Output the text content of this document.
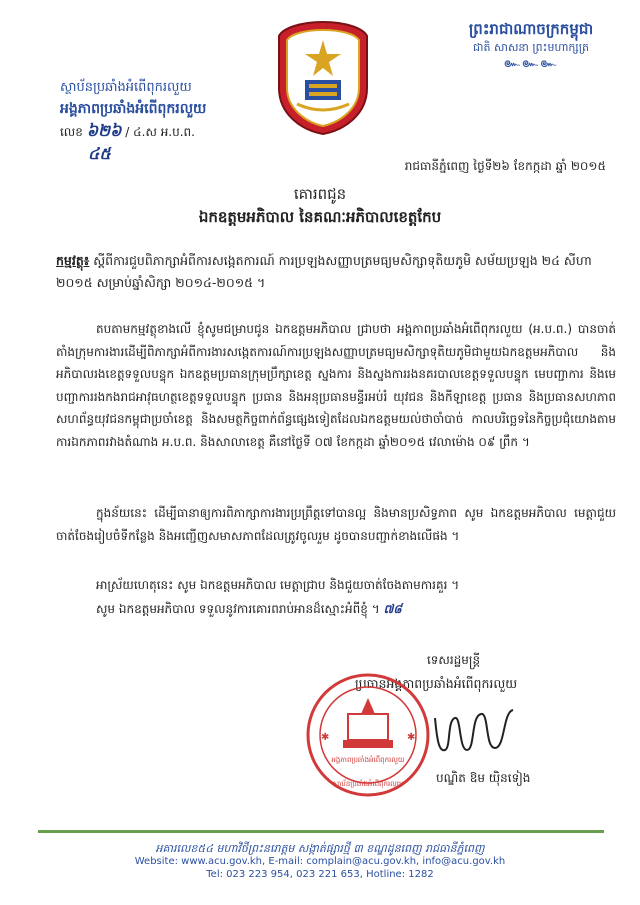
ព្រះរាជាណាចក្រកម្ពុជា
ជាតិ សាសនា ព្រះមហាក្សត្រ
๛๛๛
ស្ថាប័នប្រឆាំងអំពើពុករលួយ
អង្គភាពប្រឆាំងអំពើពុករលួយ
លេខ ៦២៦ / ៤.ស អ.ប.ព.
៤៥
រាជធានីភ្នំពេញ ថ្ងៃទី២៦ ខែកក្កដា ឆ្នាំ ២០១៥
គោរពជូន
ឯកឧត្តមអភិបាល នៃគណៈអភិបាលខេត្តកែប
កម្មវត្ថុ៖ ស្តីពីការជួបពិភាក្សាអំពីការសង្កេតការណ៍ ការប្រឡងសញ្ញាបត្រមធ្យមសិក្សាទុតិយភូមិ សម័យប្រឡង ២៤ សីហា ២០១៥ សម្រាប់ឆ្នាំសិក្សា ២០១៤-២០១៥ ។
តបតាមកម្មវត្ថុខាងលើ ខ្ញុំសូមជម្រាបជូន ឯកឧត្តមអភិបាល ជ្រាបថា អង្គភាពប្រឆាំងអំពើពុករលួយ (អ.ប.ព.) បានចាត់តាំងក្រុមការងារដើម្បីពិភាក្សាអំពីការងារសង្កេតការណ៍ការប្រឡងសញ្ញាបត្រមធ្យមសិក្សាទុតិយភូមិជាមួយឯកឧត្តមអភិបាល និងអភិបាលរងខេត្តទទួលបន្ទុក ឯកឧត្តមប្រធានក្រុមប្រឹក្សាខេត្ត ស្នងការ និងស្នងការរងនគរបាលខេត្តទទួលបន្ទុក មេបញ្ជាការ និងមេបញ្ជាការរងកងរាជអាវុធហត្ថខេត្តទទួលបន្ទុក ប្រធាន និងអនុប្រធានមន្ទីរអប់រំ យុវជន និងកីឡាខេត្ត ប្រធាន និងប្រធានសហភាពសហព័ន្ធយុវជនកម្ពុជាប្រចាំខេត្ត និងសមត្ថកិច្ចពាក់ព័ន្ធផ្សេងទៀតដែលឯកឧត្តមយល់ថាចាំបាច់ កាលបរិច្ឆេទនៃកិច្ចប្រជុំយោងតាមការឯកភាពរវាងតំណាង អ.ប.ព. និងសាលាខេត្ត គឺនៅថ្ងៃទី ០៧ ខែកក្កដា ឆ្នាំ២០១៥ វេលាម៉ោង ០៩ ព្រឹក ។
ក្នុងន័យនេះ ដើម្បីធានាឲ្យការពិភាក្សាការងារប្រព្រឹត្តទៅបានល្អ និងមានប្រសិទ្ធភាព សូម ឯកឧត្តមអភិបាល មេត្តាជួយចាត់ចែងរៀបចំទីកន្លែង និងអញ្ជើញសមាសភាពដែលត្រូវចូលរួម ដូចបានបញ្ជាក់ខាងលើផង ។
អាស្រ័យហេតុនេះ សូម ឯកឧត្តមអភិបាល មេត្តាជ្រាប និងជួយចាត់ចែងតាមការគួរ ។
សូម ឯកឧត្តមអភិបាល ទទួលនូវការគោរពរាប់អានដ៏ស្មោះអំពីខ្ញុំ ។ ៧៨
ទេសរដ្ឋមន្ត្រី
ប្រធានអង្គភាពប្រឆាំងអំពើពុករលួយ
អង្គភាពប្រឆាំងអំពើពុករលួយ
ស្ថាប័នប្រឆាំងអំពើពុករលួយ
✱	✱
បណ្ឌិត ឱម យ៉ិនទៀង
អគារលេខ៥៤ មហាវិថីព្រះនរោត្តម សង្កាត់ផ្សារថ្មី ៣ ខណ្ឌដូនពេញ រាជធានីភ្នំពេញ
Website: www.acu.gov.kh, E-mail: complain@acu.gov.kh, info@acu.gov.kh
Tel: 023 223 954, 023 221 653, Hotline: 1282
